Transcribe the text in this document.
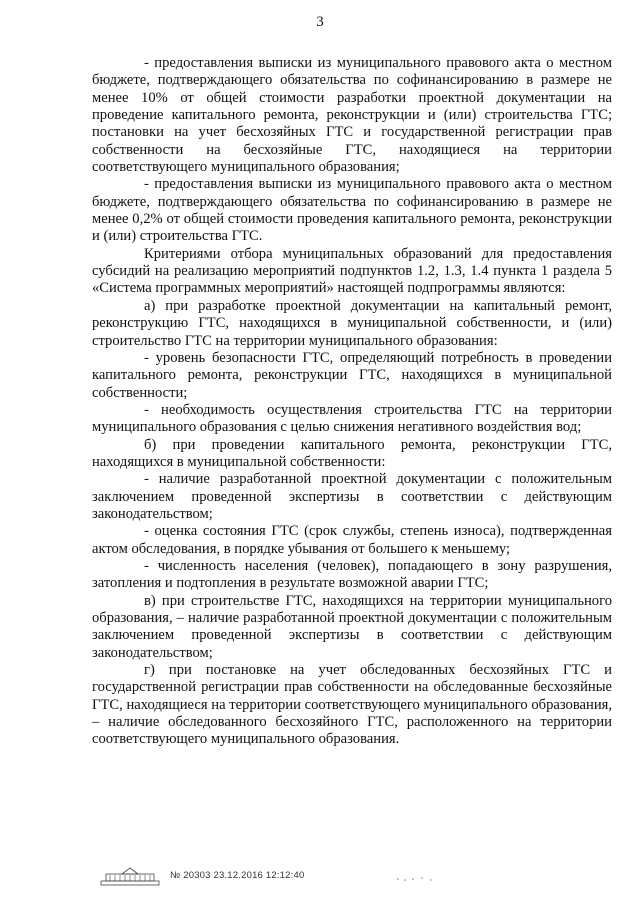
3

- предоставления выписки из муниципального правового акта о местном бюджете, подтверждающего обязательства по софинансированию в размере не менее 10% от общей стоимости разработки проектной документации на проведение капитального ремонта, реконструкции и (или) строительства ГТС; постановки на учет бесхозяйных ГТС и государственной регистрации прав собственности на бесхозяйные ГТС, находящиеся на территории соответствующего муниципального образования;

- предоставления выписки из муниципального правового акта о местном бюджете, подтверждающего обязательства по софинансированию в размере не менее 0,2% от общей стоимости проведения капитального ремонта, реконструкции и (или) строительства ГТС.

Критериями отбора муниципальных образований для предоставления субсидий на реализацию мероприятий подпунктов 1.2, 1.3, 1.4 пункта 1 раздела 5 «Система программных мероприятий» настоящей подпрограммы являются:

а) при разработке проектной документации на капитальный ремонт, реконструкцию ГТС, находящихся в муниципальной собственности, и (или) строительство ГТС на территории муниципального образования:

- уровень безопасности ГТС, определяющий потребность в проведении капитального ремонта, реконструкции ГТС, находящихся в муниципальной собственности;

- необходимость осуществления строительства ГТС на территории муниципального образования с целью снижения негативного воздействия вод;

б) при проведении капитального ремонта, реконструкции ГТС, находящихся в муниципальной собственности:

- наличие разработанной проектной документации с положительным заключением проведенной экспертизы в соответствии с действующим законодательством;

- оценка состояния ГТС (срок службы, степень износа), подтвержденная актом обследования, в порядке убывания от большего к меньшему;

- численность населения (человек), попадающего в зону разрушения, затопления и подтопления в результате возможной аварии ГТС;

в) при строительстве ГТС, находящихся на территории муниципального образования, – наличие разработанной проектной документации с положительным заключением проведенной экспертизы в соответствии с действующим законодательством;

г) при постановке на учет обследованных бесхозяйных ГТС и государственной регистрации прав собственности на обследованные бесхозяйные ГТС, находящиеся на территории соответствующего муниципального образования, – наличие обследованного бесхозяйного ГТС, расположенного на территории соответствующего муниципального образования.

№ 20303 23.12.2016 12:12:40
